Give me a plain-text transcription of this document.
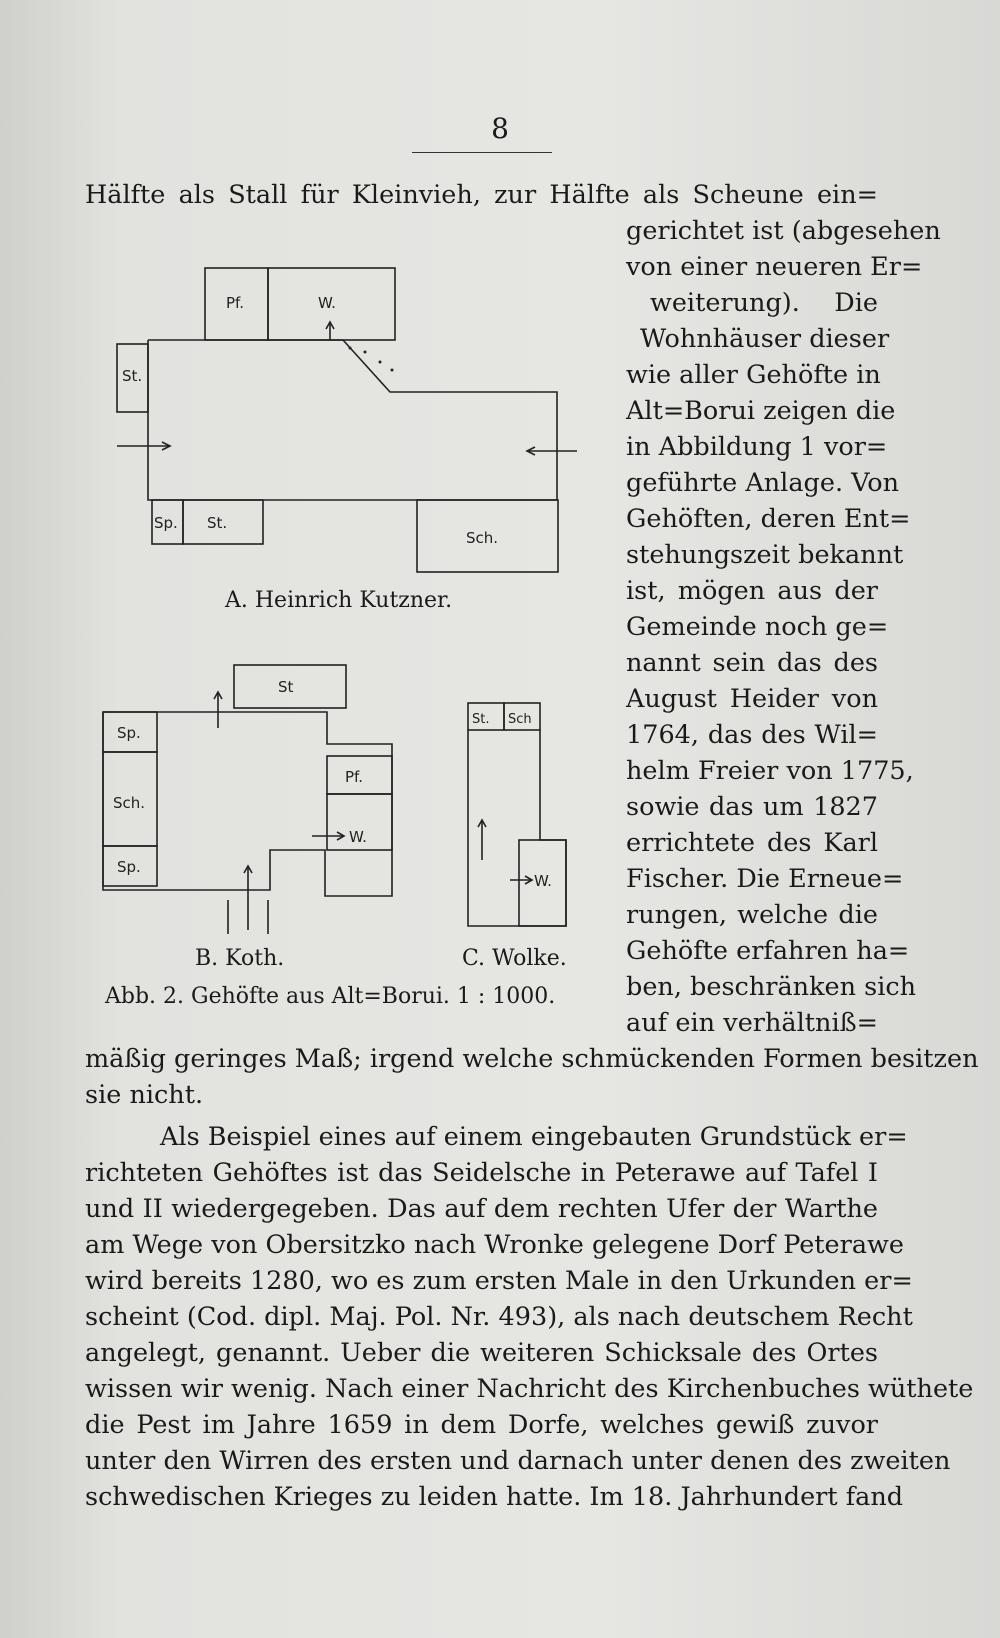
8
Hälfte als Stall für Kleinvieh, zur Hälfte als Scheune ein=
gerichtet ist (abgesehen
von einer neueren Er=
weiterung). Die
Wohnhäuser dieser
wie aller Gehöfte in
Alt=Borui zeigen die
in Abbildung 1 vor=
geführte Anlage. Von
Gehöften, deren Ent=
stehungszeit bekannt
ist, mögen aus der
Gemeinde noch ge=
nannt sein das des
August Heider von
1764, das des Wil=
helm Freier von 1775,
sowie das um 1827
errichtete des Karl
Fischer. Die Erneue=
rungen, welche die
Gehöfte erfahren ha=
ben, beschränken sich
auf ein verhältniß=
mäßig geringes Maß; irgend welche schmückenden Formen besitzen
sie nicht.
Als Beispiel eines auf einem eingebauten Grundstück er=
richteten Gehöftes ist das Seidelsche in Peterawe auf Tafel I
und II wiedergegeben. Das auf dem rechten Ufer der Warthe
am Wege von Obersitzko nach Wronke gelegene Dorf Peterawe
wird bereits 1280, wo es zum ersten Male in den Urkunden er=
scheint (Cod. dipl. Maj. Pol. Nr. 493), als nach deutschem Recht
angelegt, genannt. Ueber die weiteren Schicksale des Ortes
wissen wir wenig. Nach einer Nachricht des Kirchenbuches wüthete
die Pest im Jahre 1659 in dem Dorfe, welches gewiß zuvor
unter den Wirren des ersten und darnach unter denen des zweiten
schwedischen Krieges zu leiden hatte. Im 18. Jahrhundert fand
Pf.	W.
St.
Sp. St.
Sch.
Sp.
Sch.
Sp.
St
Pf.
W.
St. Sch
W.
A. Heinrich Kutzner.
B. Koth.	C. Wolke.
Abb. 2. Gehöfte aus Alt=Borui. 1 : 1000.
